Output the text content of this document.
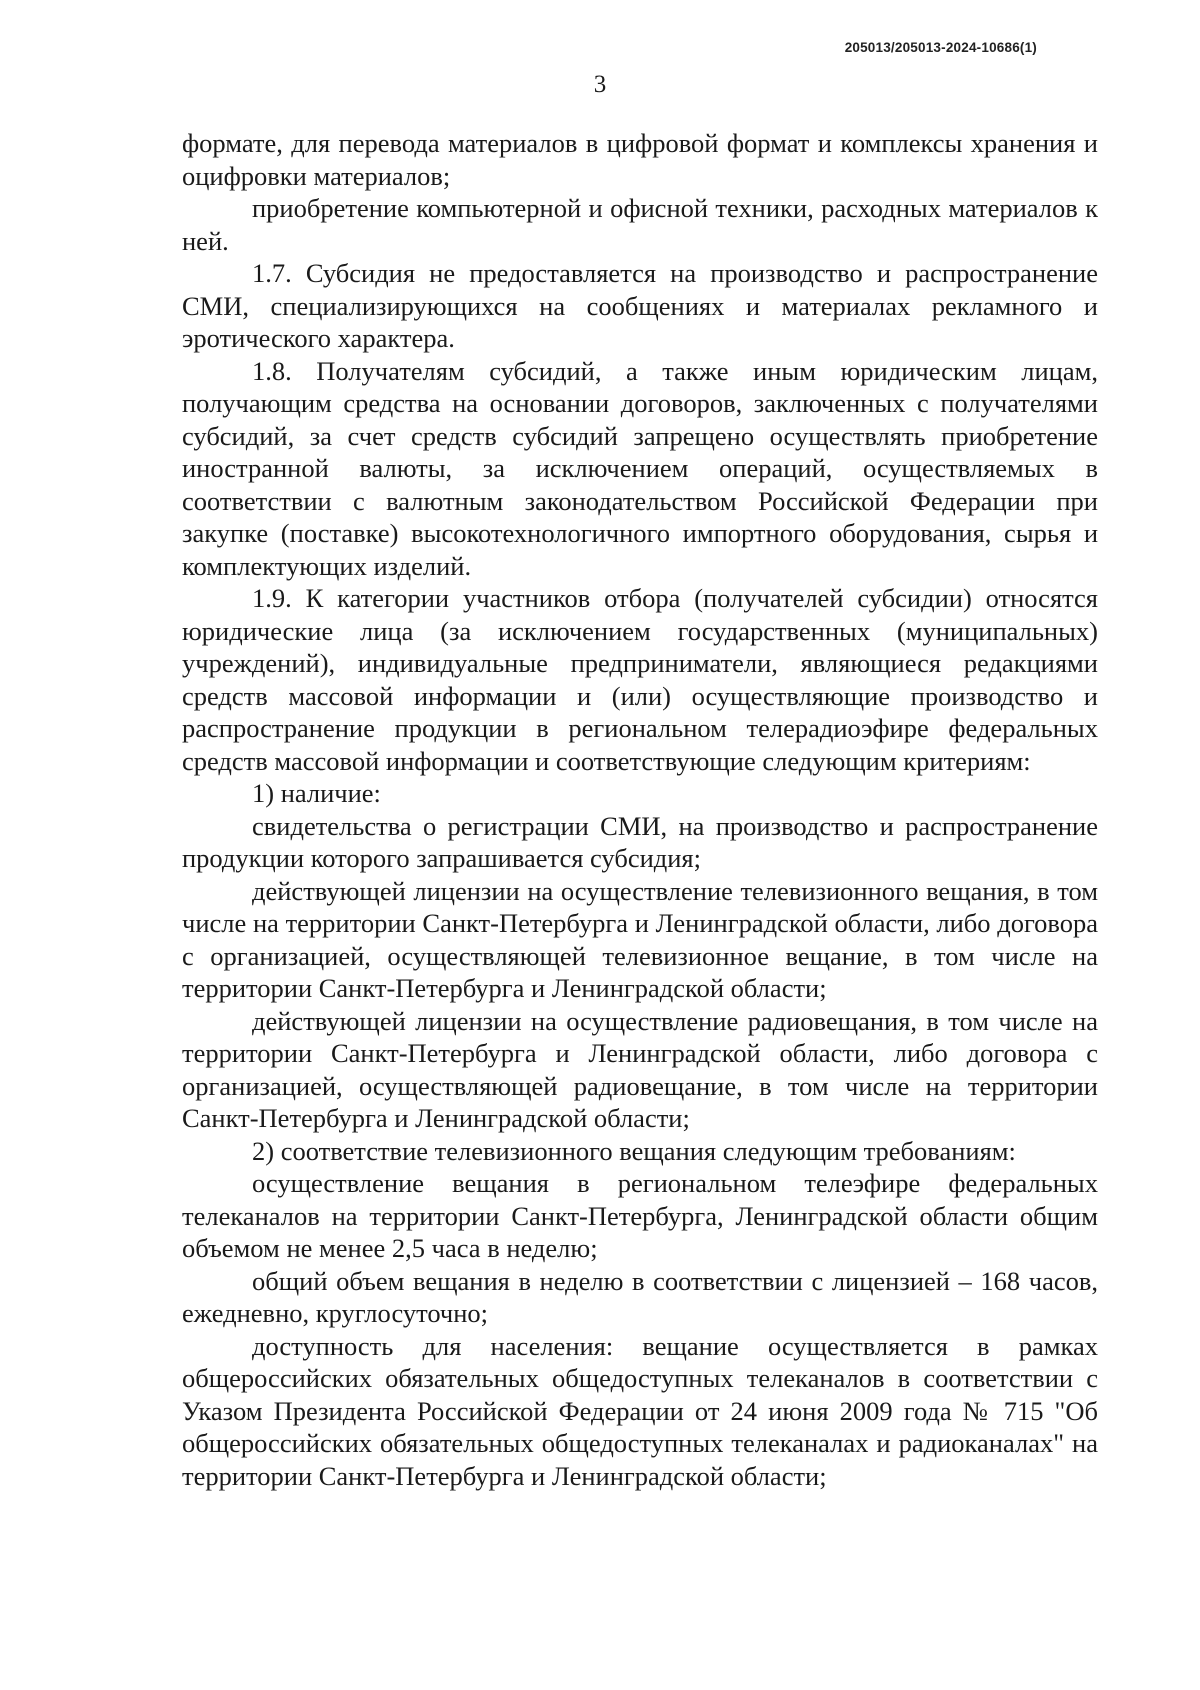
205013/205013-2024-10686(1)
3

формате, для перевода материалов в цифровой формат и комплексы хранения и оцифровки материалов;

приобретение компьютерной и офисной техники, расходных материалов к ней.

1.7. Субсидия не предоставляется на производство и распространение СМИ, специализирующихся на сообщениях и материалах рекламного и эротического характера.

1.8. Получателям субсидий, а также иным юридическим лицам, получающим средства на основании договоров, заключенных с получателями субсидий, за счет средств субсидий запрещено осуществлять приобретение иностранной валюты, за исключением операций, осуществляемых в соответствии с валютным законодательством Российской Федерации при закупке (поставке) высокотехнологичного импортного оборудования, сырья и комплектующих изделий.

1.9. К категории участников отбора (получателей субсидии) относятся юридические лица (за исключением государственных (муниципальных) учреждений), индивидуальные предприниматели, являющиеся редакциями средств массовой информации и (или) осуществляющие производство и распространение продукции в региональном телерадиоэфире федеральных средств массовой информации и соответствующие следующим критериям:

1) наличие:

свидетельства о регистрации СМИ, на производство и распространение продукции которого запрашивается субсидия;

действующей лицензии на осуществление телевизионного вещания, в том числе на территории Санкт-Петербурга и Ленинградской области, либо договора с организацией, осуществляющей телевизионное вещание, в том числе на территории Санкт-Петербурга и Ленинградской области;

действующей лицензии на осуществление радиовещания, в том числе на территории Санкт-Петербурга и Ленинградской области, либо договора с организацией, осуществляющей радиовещание, в том числе на территории Санкт-Петербурга и Ленинградской области;

2) соответствие телевизионного вещания следующим требованиям:

осуществление вещания в региональном телеэфире федеральных телеканалов на территории Санкт-Петербурга, Ленинградской области общим объемом не менее 2,5 часа в неделю;

общий объем вещания в неделю в соответствии с лицензией – 168 часов, ежедневно, круглосуточно;

доступность для населения: вещание осуществляется в рамках общероссийских обязательных общедоступных телеканалов в соответствии с Указом Президента Российской Федерации от 24 июня 2009 года № 715 "Об общероссийских обязательных общедоступных телеканалах и радиоканалах" на территории Санкт-Петербурга и Ленинградской области;
